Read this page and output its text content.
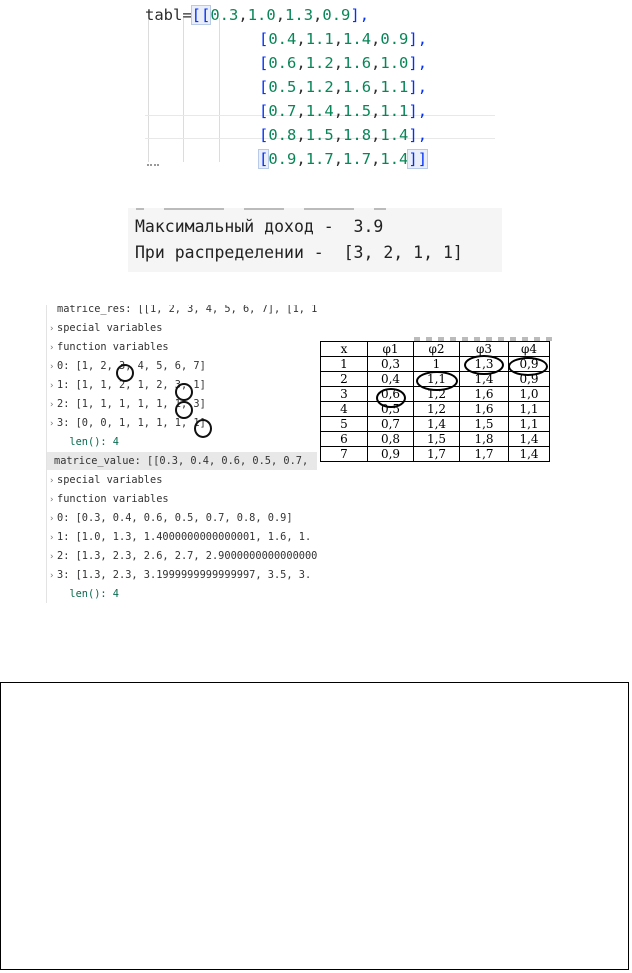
tabl=[[0.3,1.0,1.3,0.9],
[0.4,1.1,1.4,0.9],
[0.6,1.2,1.6,1.0],
[0.5,1.2,1.6,1.1],
[0.7,1.4,1.5,1.1],
[0.8,1.5,1.8,1.4],
[0.9,1.7,1.7,1.4]]
Максимальный доход -  3.9
При распределении -  [3, 2, 1, 1]
matrice_res: [[1, 2, 3, 4, 5, 6, 7], [1, 1
› special variables
› function variables
› 0: [1, 2, 3, 4, 5, 6, 7]
› 1: [1, 1, 2, 1, 2, 3, 1]
› 2: [1, 1, 1, 1, 1, 1, 3]
› 3: [0, 0, 1, 1, 1, 1, 1]
len(): 4
matrice_value: [[0.3, 0.4, 0.6, 0.5, 0.7,
› special variables
› function variables
› 0: [0.3, 0.4, 0.6, 0.5, 0.7, 0.8, 0.9]
› 1: [1.0, 1.3, 1.4000000000000001, 1.6, 1.
› 2: [1.3, 2.3, 2.6, 2.7, 2.9000000000000000
› 3: [1.3, 2.3, 3.1999999999999997, 3.5, 3.
len(): 4
x	φ1	φ2	φ3	φ4
1	0,3	1	1,3	0,9
2	0,4	1,1	1,4	0,9
3	0,6	1,2	1,6	1,0
4	0,5	1,2	1,6	1,1
5	0,7	1,4	1,5	1,1
6	0,8	1,5	1,8	1,4
7	0,9	1,7	1,7	1,4
